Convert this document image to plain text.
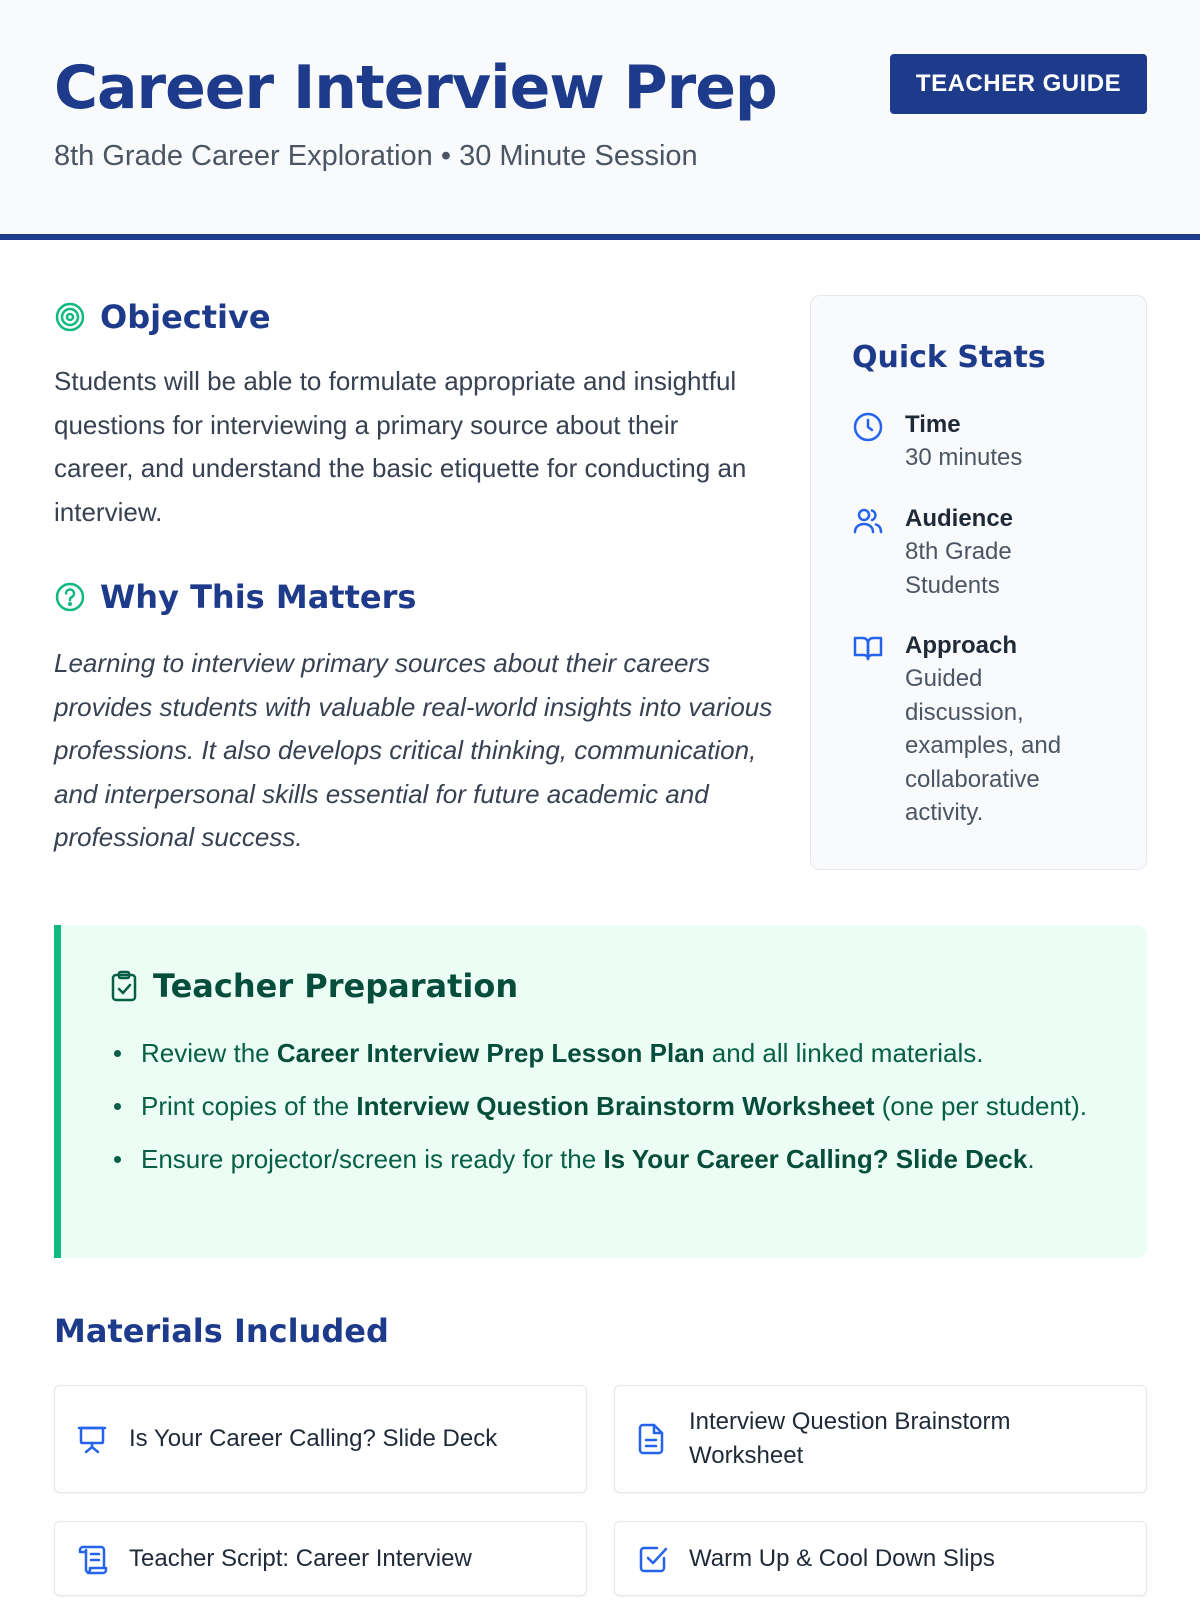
Career Interview Prep
8th Grade Career Exploration • 30 Minute Session
TEACHER GUIDE
Objective

Students will be able to formulate appropriate and insightful questions for interviewing a primary source about their career, and understand the basic etiquette for conducting an interview.

Why This Matters

Learning to interview primary sources about their careers provides students with valuable real-world insights into various professions. It also develops critical thinking, communication, and interpersonal skills essential for future academic and professional success.

Quick Stats
Time
30 minutes
Audience
8th Grade Students
Approach
Guided discussion, examples, and collaborative activity.
Teacher Preparation
Review the Career Interview Prep Lesson Plan and all linked materials.
Print copies of the Interview Question Brainstorm Worksheet (one per student).
Ensure projector/screen is ready for the Is Your Career Calling? Slide Deck.
Materials Included
Is Your Career Calling? Slide Deck
Interview Question Brainstorm Worksheet
Teacher Script: Career Interview	Warm Up & Cool Down Slips
